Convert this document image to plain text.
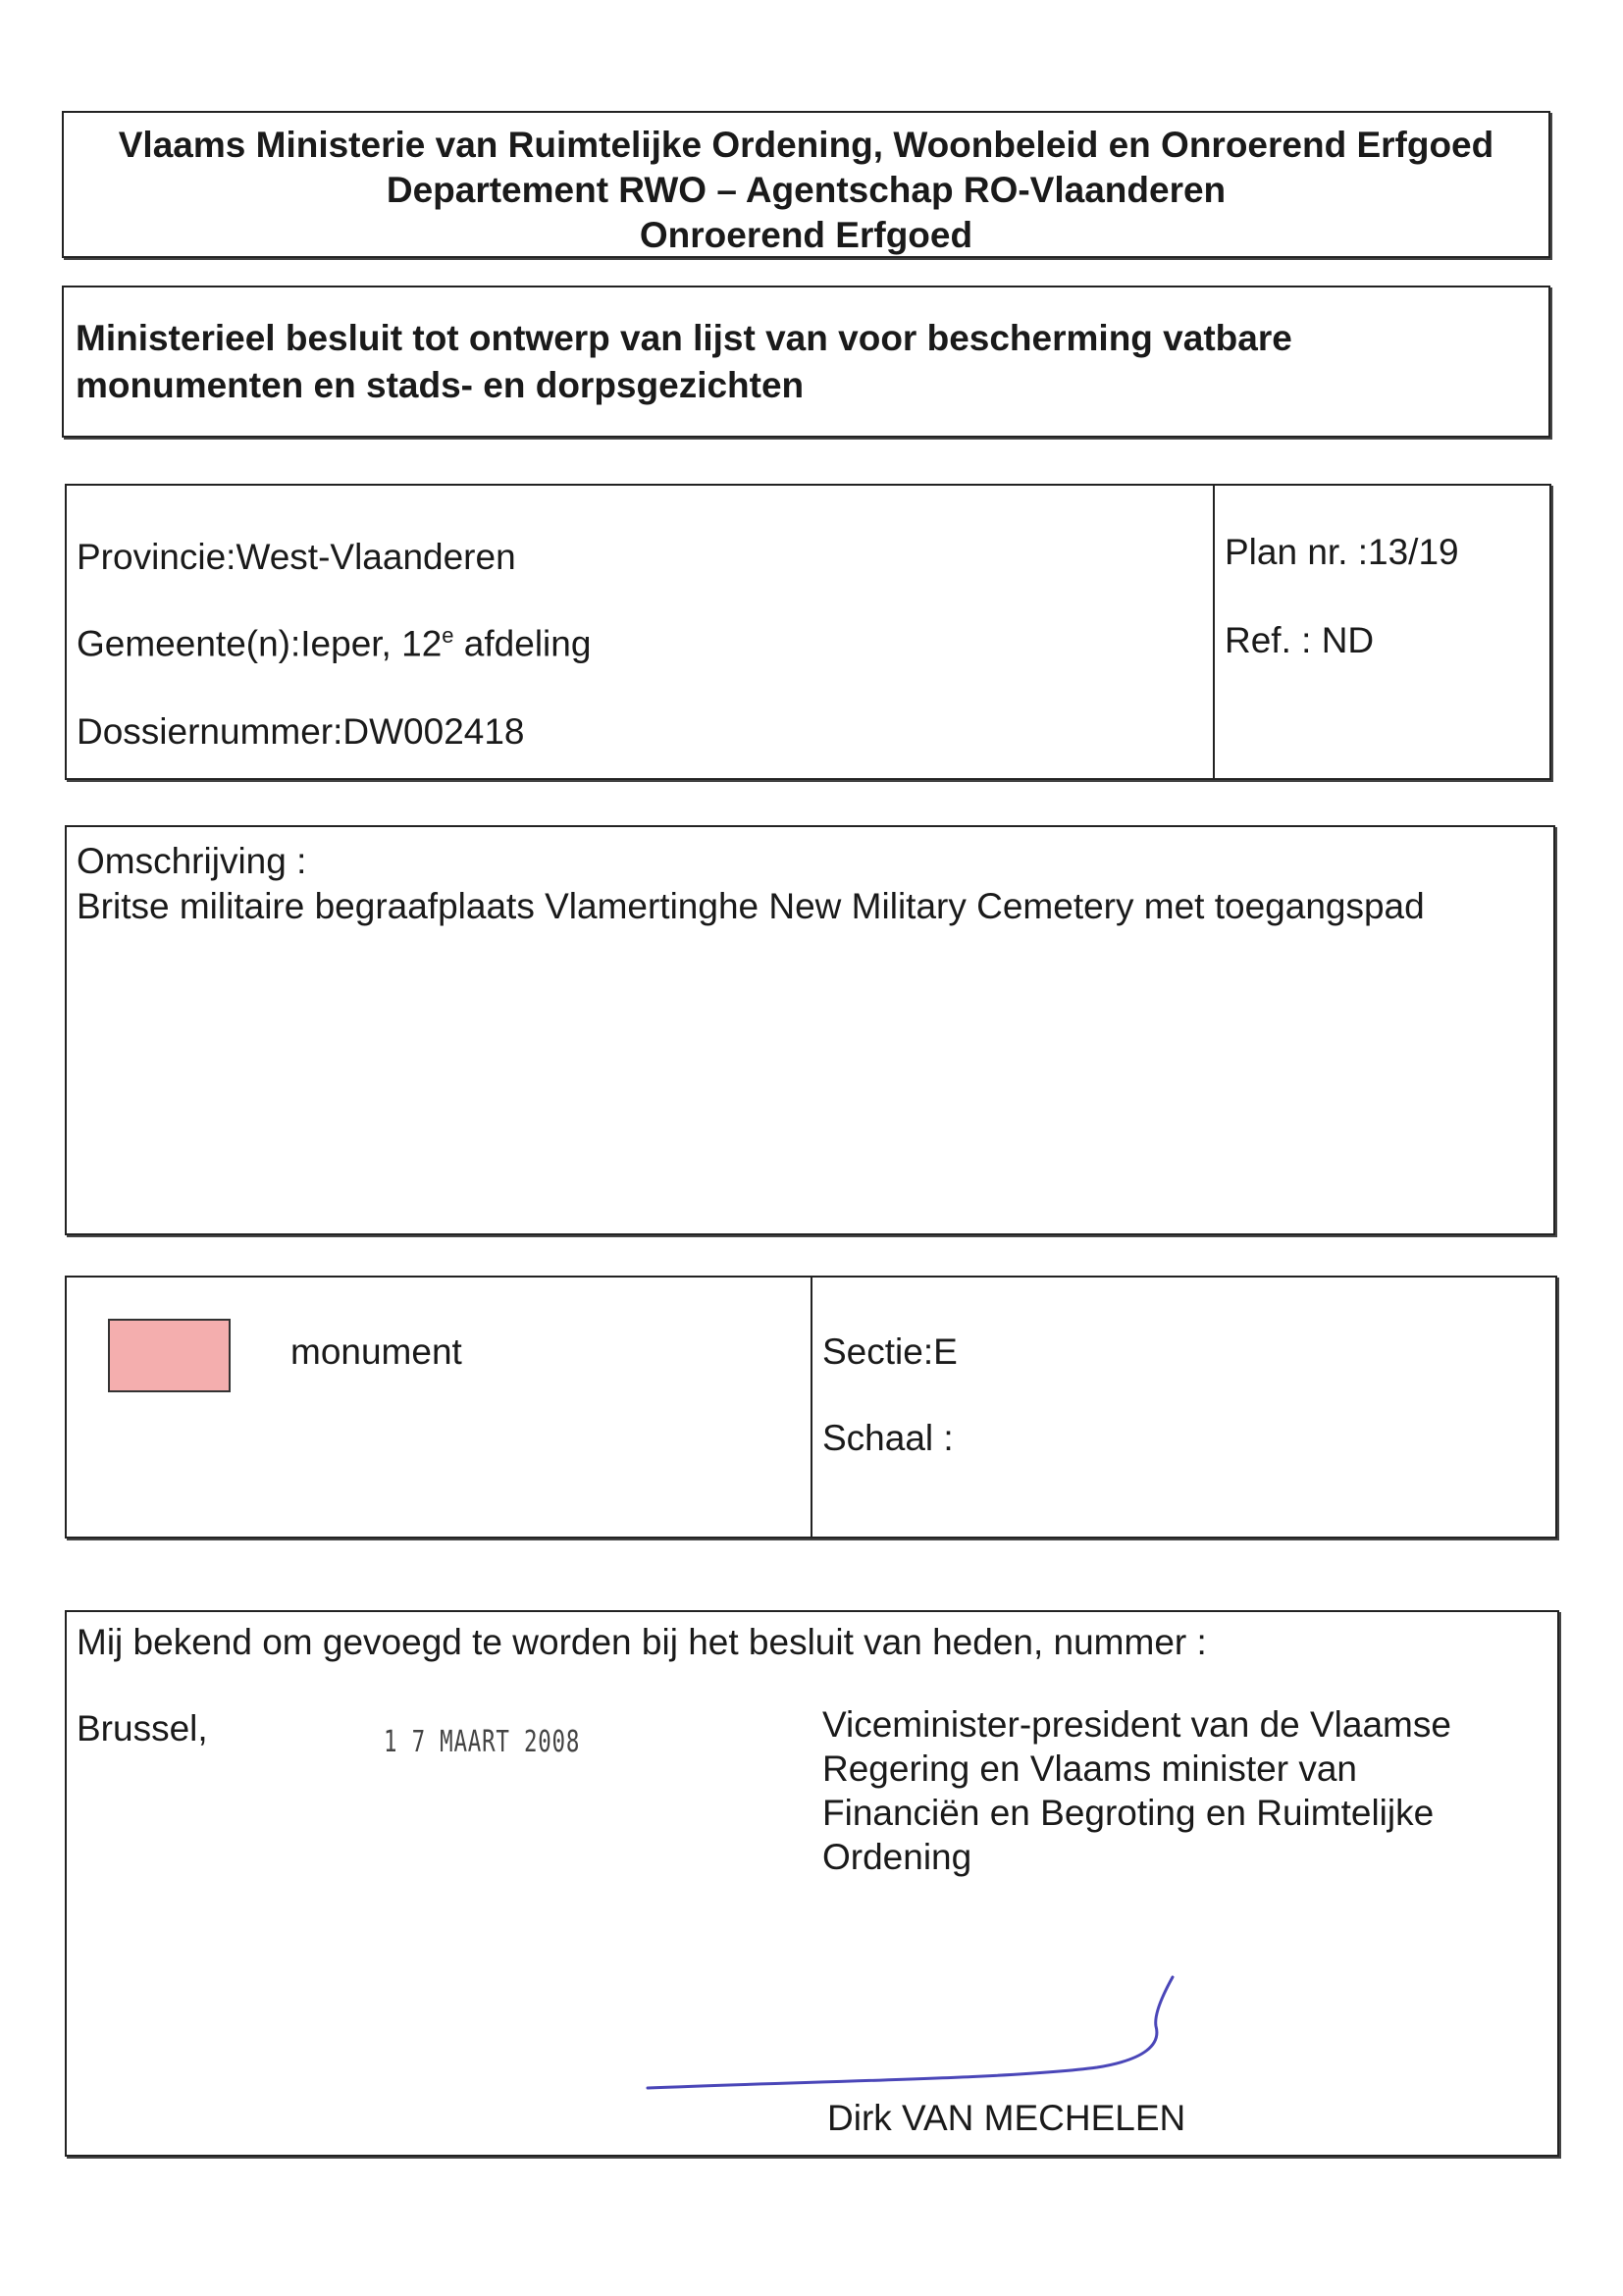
Vlaams Ministerie van Ruimtelijke Ordening, Woonbeleid en Onroerend Erfgoed
Departement RWO – Agentschap RO-Vlaanderen
Onroerend Erfgoed
Ministerieel besluit tot ontwerp van lijst van voor bescherming vatbare
monumenten en stads- en dorpsgezichten
Provincie:West-Vlaanderen
Gemeente(n):Ieper, 12e afdeling
Dossiernummer:DW002418
Plan nr. :13/19
Ref. : ND
Omschrijving :
Britse militaire begraafplaats Vlamertinghe New Military Cemetery met toegangspad
monument	Sectie:E
Schaal :
Mij bekend om gevoegd te worden bij het besluit van heden, nummer :
Brussel,	1 7 MAART 2008	Viceminister-president van de Vlaamse
Regering en Vlaams minister van
Financiën en Begroting en Ruimtelijke
Ordening
Dirk VAN MECHELEN
